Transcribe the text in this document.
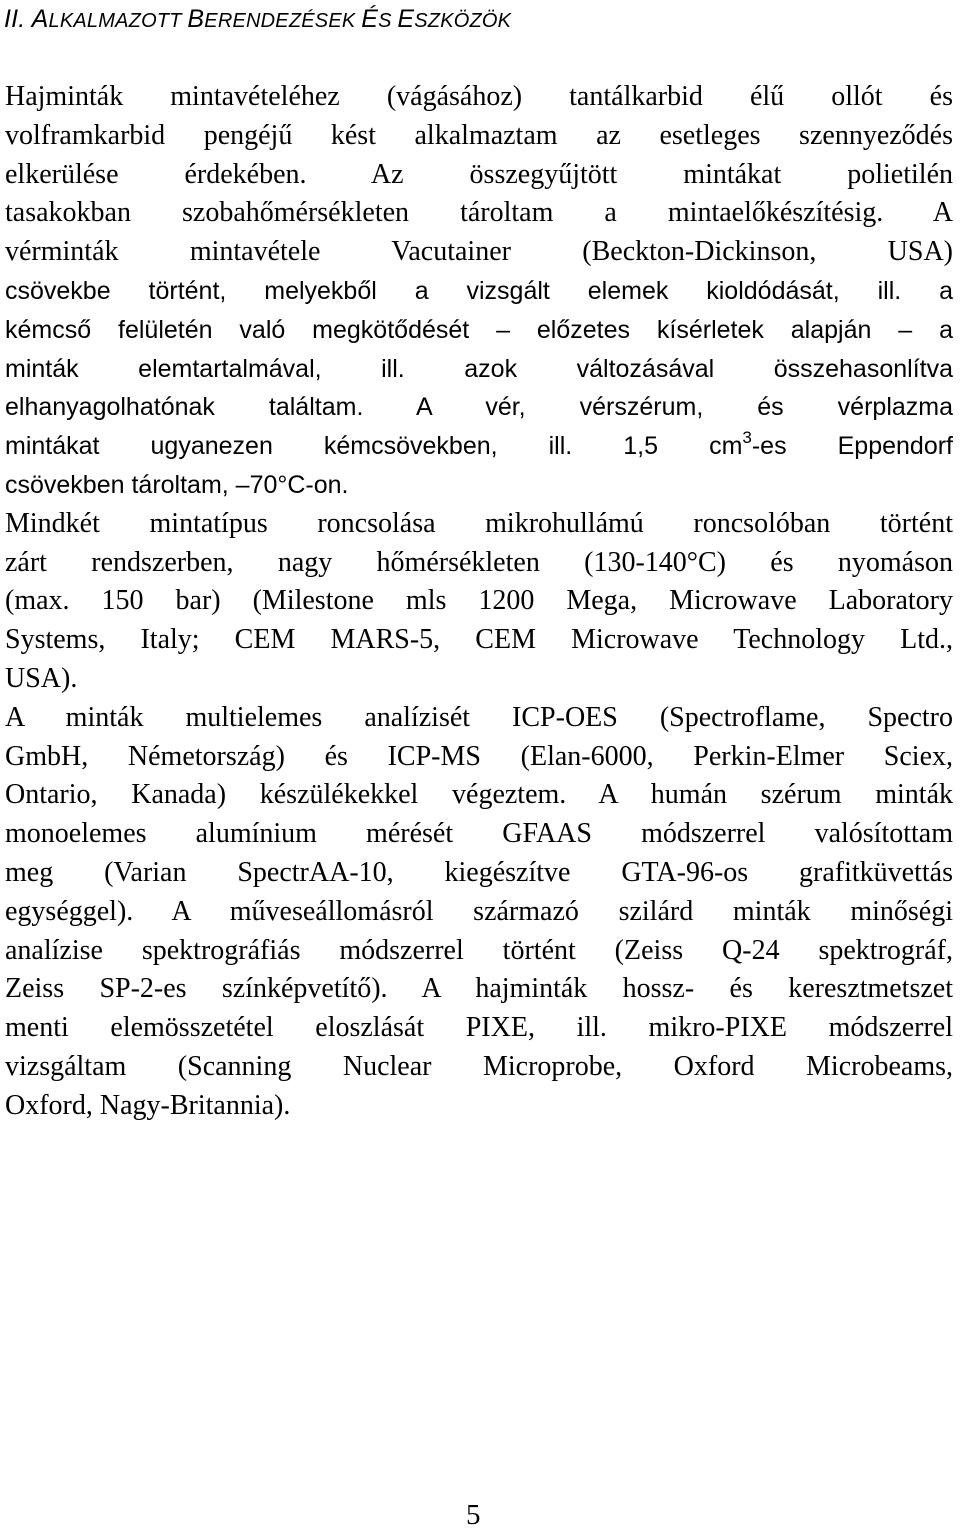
II. ALKALMAZOTT BERENDEZÉSEK ÉS ESZKÖZÖK
Hajminták mintavételéhez (vágásához) tantálkarbid élű ollót és
volframkarbid pengéjű kést alkalmaztam az esetleges szennyeződés
elkerülése érdekében. Az összegyűjtött mintákat polietilén
tasakokban szobahőmérsékleten tároltam a mintaelőkészítésig. A
vérminták mintavétele Vacutainer (Beckton-Dickinson, USA)
csövekbe történt, melyekből a vizsgált elemek kioldódását, ill. a
kémcső felületén való megkötődését – előzetes kísérletek alapján – a
minták elemtartalmával, ill. azok változásával összehasonlítva
elhanyagolhatónak találtam. A vér, vérszérum, és vérplazma
mintákat ugyanezen kémcsövekben, ill. 1,5 $cm^3-es$ Eppendorf
csövekben tároltam, –70°C-on.
Mindkét mintatípus roncsolása mikrohullámú roncsolóban történt
zárt rendszerben, nagy hőmérsékleten (130-140°C) és nyomáson
(max. 150 bar) (Milestone mls 1200 Mega, Microwave Laboratory
Systems, Italy; CEM MARS-5, CEM Microwave Technology Ltd.,
USA).
A minták multielemes analízisét ICP-OES (Spectroflame, Spectro
GmbH, Németország) és ICP-MS (Elan-6000, Perkin-Elmer Sciex,
Ontario, Kanada) készülékekkel végeztem. A humán szérum minták
monoelemes alumínium mérését GFAAS módszerrel valósítottam
meg (Varian SpectrAA-10, kiegészítve GTA-96-os grafitküvettás
egységgel). A műveseállomásról származó szilárd minták minőségi
analízise spektrográfiás módszerrel történt (Zeiss Q-24 spektrográf,
Zeiss SP-2-es színképvetítő). A hajminták hossz- és keresztmetszet
menti elemösszetétel eloszlását PIXE, ill. mikro-PIXE módszerrel
vizsgáltam (Scanning Nuclear Microprobe, Oxford Microbeams,
Oxford, Nagy-Britannia).
5
